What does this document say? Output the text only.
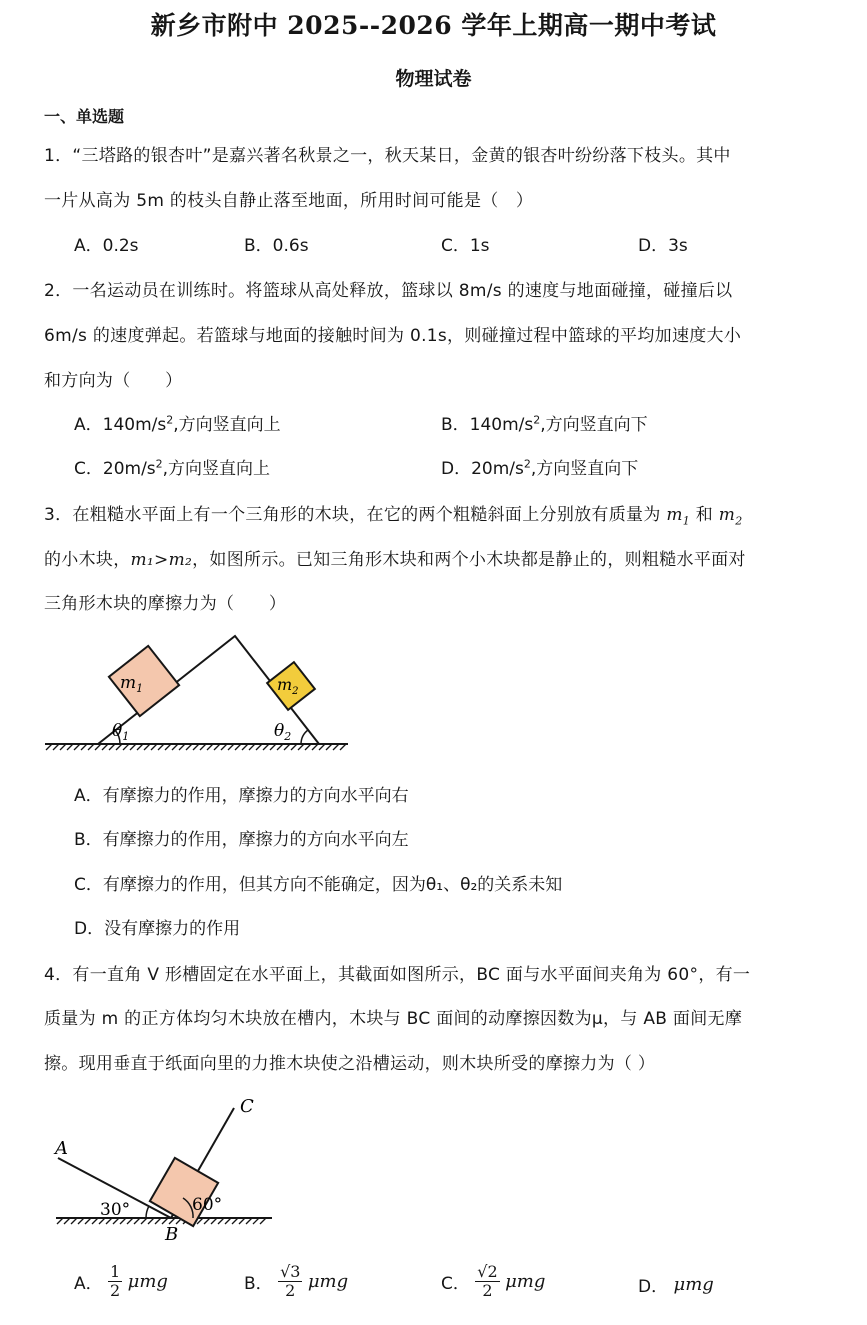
新乡市附中 2025--2026 学年上期高一期中考试
物理试卷
一、单选题
1．“三塔路的银杏叶”是嘉兴著名秋景之一，秋天某日，金黄的银杏叶纷纷落下枝头。其中
一片从高为 5m 的枝头自静止落至地面，所用时间可能是（　）
A．0.2s	B．0.6s	C．1s	D．3s
2．一名运动员在训练时。将篮球从高处释放，篮球以 8m/s 的速度与地面碰撞，碰撞后以
6m/s 的速度弹起。若篮球与地面的接触时间为 0.1s，则碰撞过程中篮球的平均加速度大小
和方向为（　　）
A．$140m/s^2$,方向竖直向上	B．$140m/s^2$,方向竖直向下
C．$20m/s^2$,方向竖直向上	D．$20m/s^2$,方向竖直向下
3．在粗糙水平面上有一个三角形的木块，在它的两个粗糙斜面上分别放有质量为 $m_1$ 和 $m_2$
的小木块，m₁>m₂，如图所示。已知三角形木块和两个小木块都是静止的，则粗糙水平面对
三角形木块的摩擦力为（　　）
$m_1$	$m_2$
$\theta_1$	$\theta_2$
A．有摩擦力的作用，摩擦力的方向水平向右
B．有摩擦力的作用，摩擦力的方向水平向左
C．有摩擦力的作用，但其方向不能确定，因为θ₁、θ₂的关系未知
D．没有摩擦力的作用
4．有一直角 V 形槽固定在水平面上，其截面如图所示，BC 面与水平面间夹角为 60°，有一
质量为 m 的正方体均匀木块放在槽内，木块与 BC 面间的动摩擦因数为μ，与 AB 面间无摩
擦。现用垂直于纸面向里的力推木块使之沿槽运动，则木块所受的摩擦力为（ ）
A
B
C
30°	60°
A． $\frac{1}{2}$ μmg	B． $\frac{√3}{2}$ μmg	C． $\frac{√2}{2}$ μmg	D． μmg
